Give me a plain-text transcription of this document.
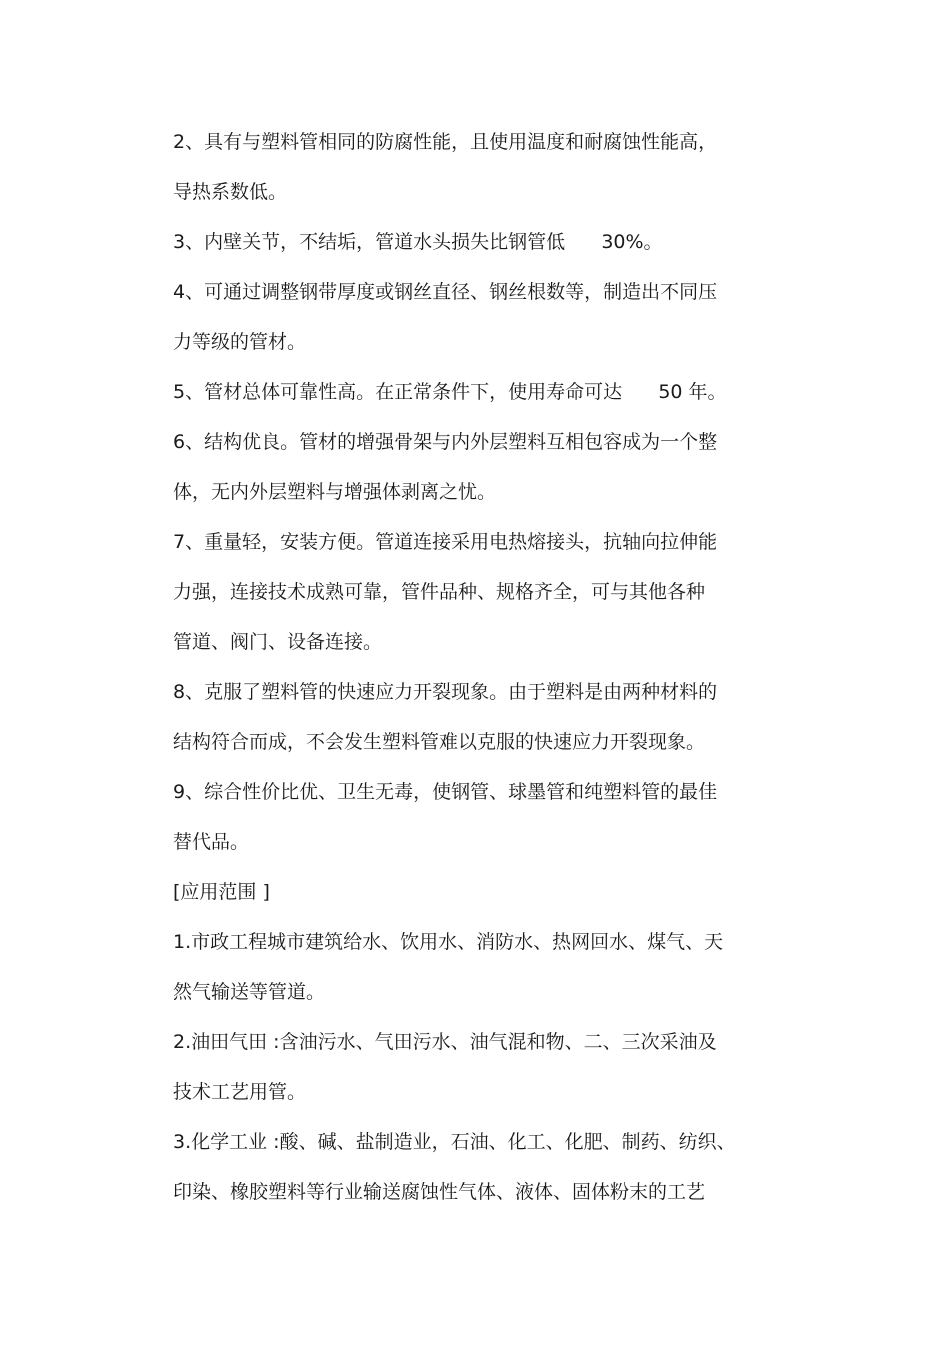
2、具有与塑料管相同的防腐性能，且使用温度和耐腐蚀性能高，
导热系数低。
3、内壁关节，不结垢，管道水头损失比钢管低      30%。
4、可通过调整钢带厚度或钢丝直径、钢丝根数等，制造出不同压
力等级的管材。
5、管材总体可靠性高。在正常条件下，使用寿命可达      50 年。
6、结构优良。管材的增强骨架与内外层塑料互相包容成为一个整
体，无内外层塑料与增强体剥离之忧。
7、重量轻，安装方便。管道连接采用电热熔接头，抗轴向拉伸能
力强，连接技术成熟可靠，管件品种、规格齐全，可与其他各种
管道、阀门、设备连接。
8、克服了塑料管的快速应力开裂现象。由于塑料是由两种材料的
结构符合而成，不会发生塑料管难以克服的快速应力开裂现象。
9、综合性价比优、卫生无毒，使钢管、球墨管和纯塑料管的最佳
替代品。
[应用范围 ]
1.市政工程城市建筑给水、饮用水、消防水、热网回水、煤气、天
然气输送等管道。
2.油田气田 :含油污水、气田污水、油气混和物、二、三次采油及
技术工艺用管。
3.化学工业 :酸、碱、盐制造业，石油、化工、化肥、制药、纺织、
印染、橡胶塑料等行业输送腐蚀性气体、液体、固体粉末的工艺
